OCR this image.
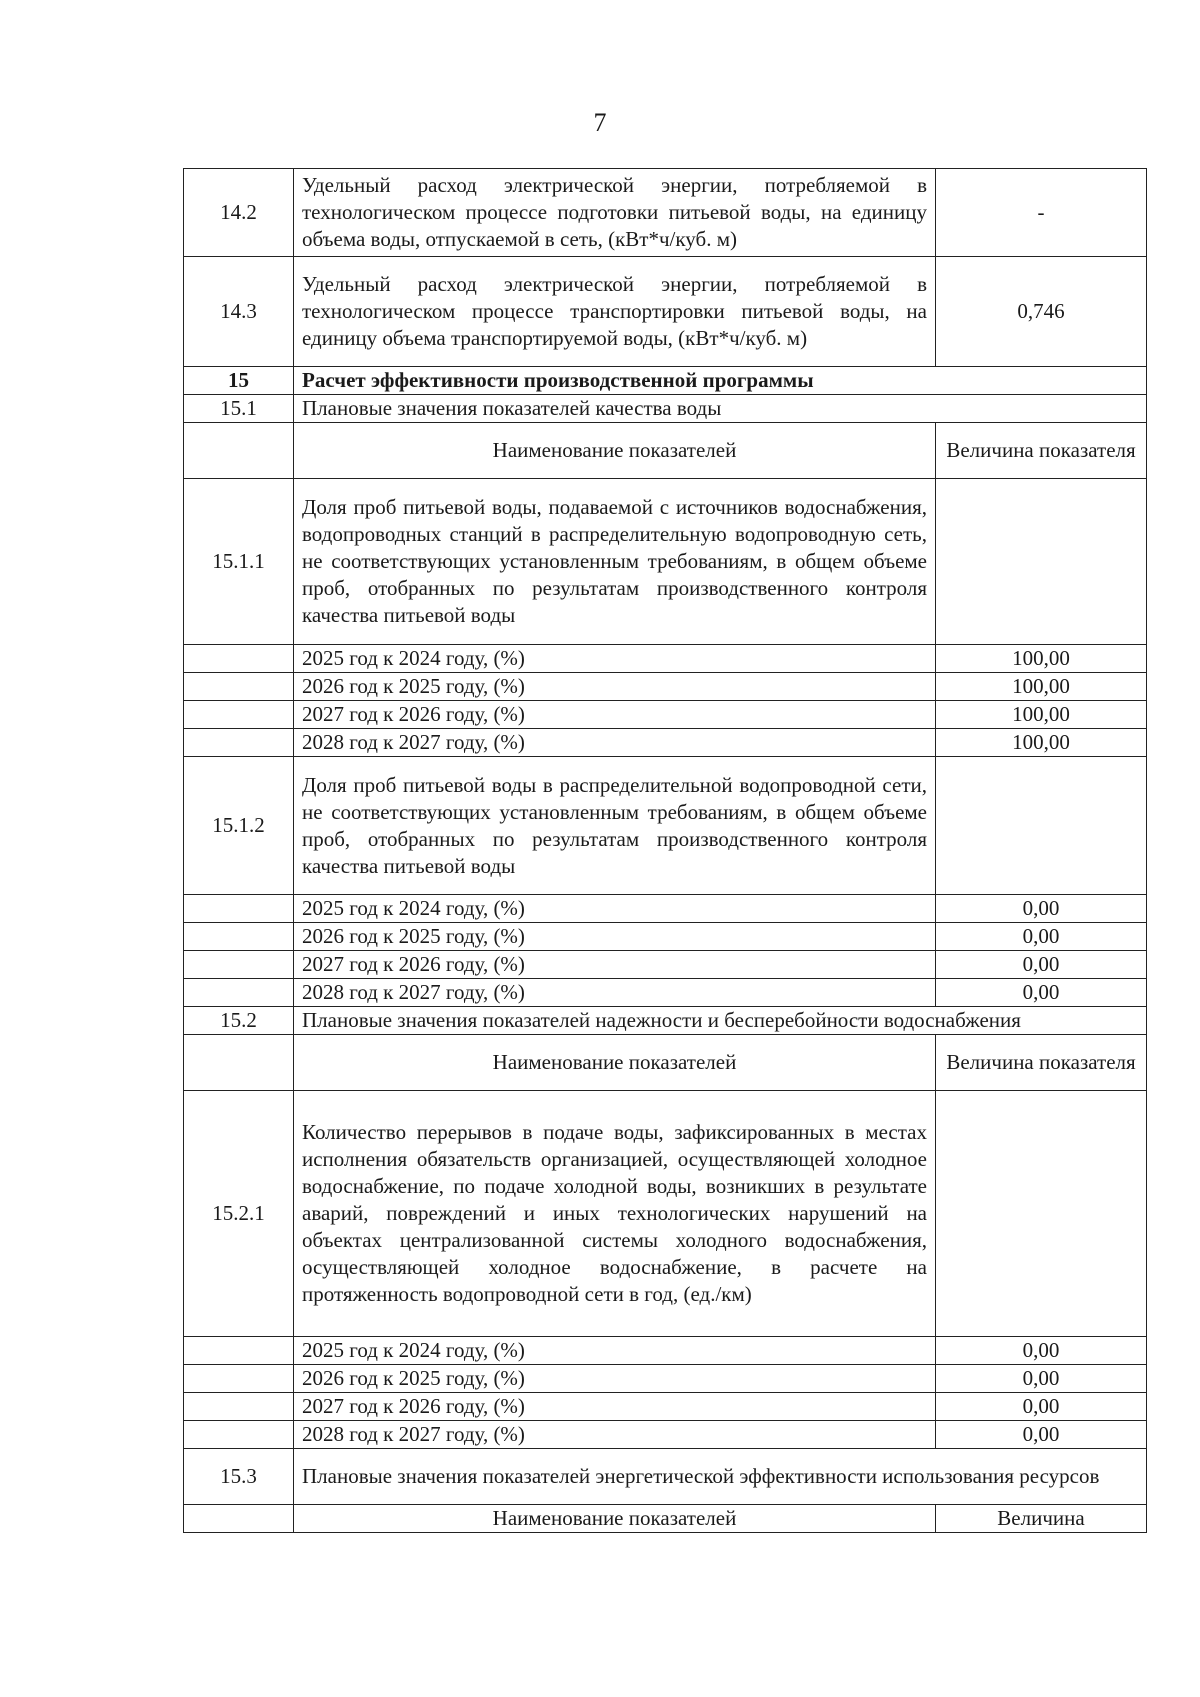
7
14.2	Удельный расход электрической энергии, потребляемой в технологическом процессе подготовки питьевой воды, на единицу объема воды, отпускаемой в сеть, (кВт*ч/куб. м)	-
14.3	Удельный расход электрической энергии, потребляемой в технологическом процессе транспортировки питьевой воды, на единицу объема транспортируемой воды, (кВт*ч/куб. м)	0,746
15	Расчет эффективности производственной программы	
15.1	Плановые значения показателей качества воды	
	Наименование показателей	Величина показателя
15.1.1	Доля проб питьевой воды, подаваемой с источников водоснабжения, водопроводных станций в распределительную водопроводную сеть, не соответствующих установленным требованиям, в общем объеме проб, отобранных по результатам производственного контроля качества питьевой воды	
	2025 год к 2024 году, (%)	100,00
	2026 год к 2025 году, (%)	100,00
	2027 год к 2026 году, (%)	100,00
	2028 год к 2027 году, (%)	100,00
15.1.2	Доля проб питьевой воды в распределительной водопроводной сети, не соответствующих установленным требованиям, в общем объеме проб, отобранных по результатам производственного контроля качества питьевой воды	
	2025 год к 2024 году, (%)	0,00
	2026 год к 2025 году, (%)	0,00
	2027 год к 2026 году, (%)	0,00
	2028 год к 2027 году, (%)	0,00
15.2	Плановые значения показателей надежности и бесперебойности водоснабжения	
	Наименование показателей	Величина показателя
15.2.1	Количество перерывов в подаче воды, зафиксированных в местах исполнения обязательств организацией, осуществляющей холодное водоснабжение, по подаче холодной воды, возникших в результате аварий, повреждений и иных технологических нарушений на объектах централизованной системы холодного водоснабжения, осуществляющей холодное водоснабжение, в расчете на протяженность водопроводной сети в год, (ед./км)	
	2025 год к 2024 году, (%)	0,00
	2026 год к 2025 году, (%)	0,00
	2027 год к 2026 году, (%)	0,00
	2028 год к 2027 году, (%)	0,00
15.3	Плановые значения показателей энергетической эффективности использования ресурсов	
	Наименование показателей	Величина
